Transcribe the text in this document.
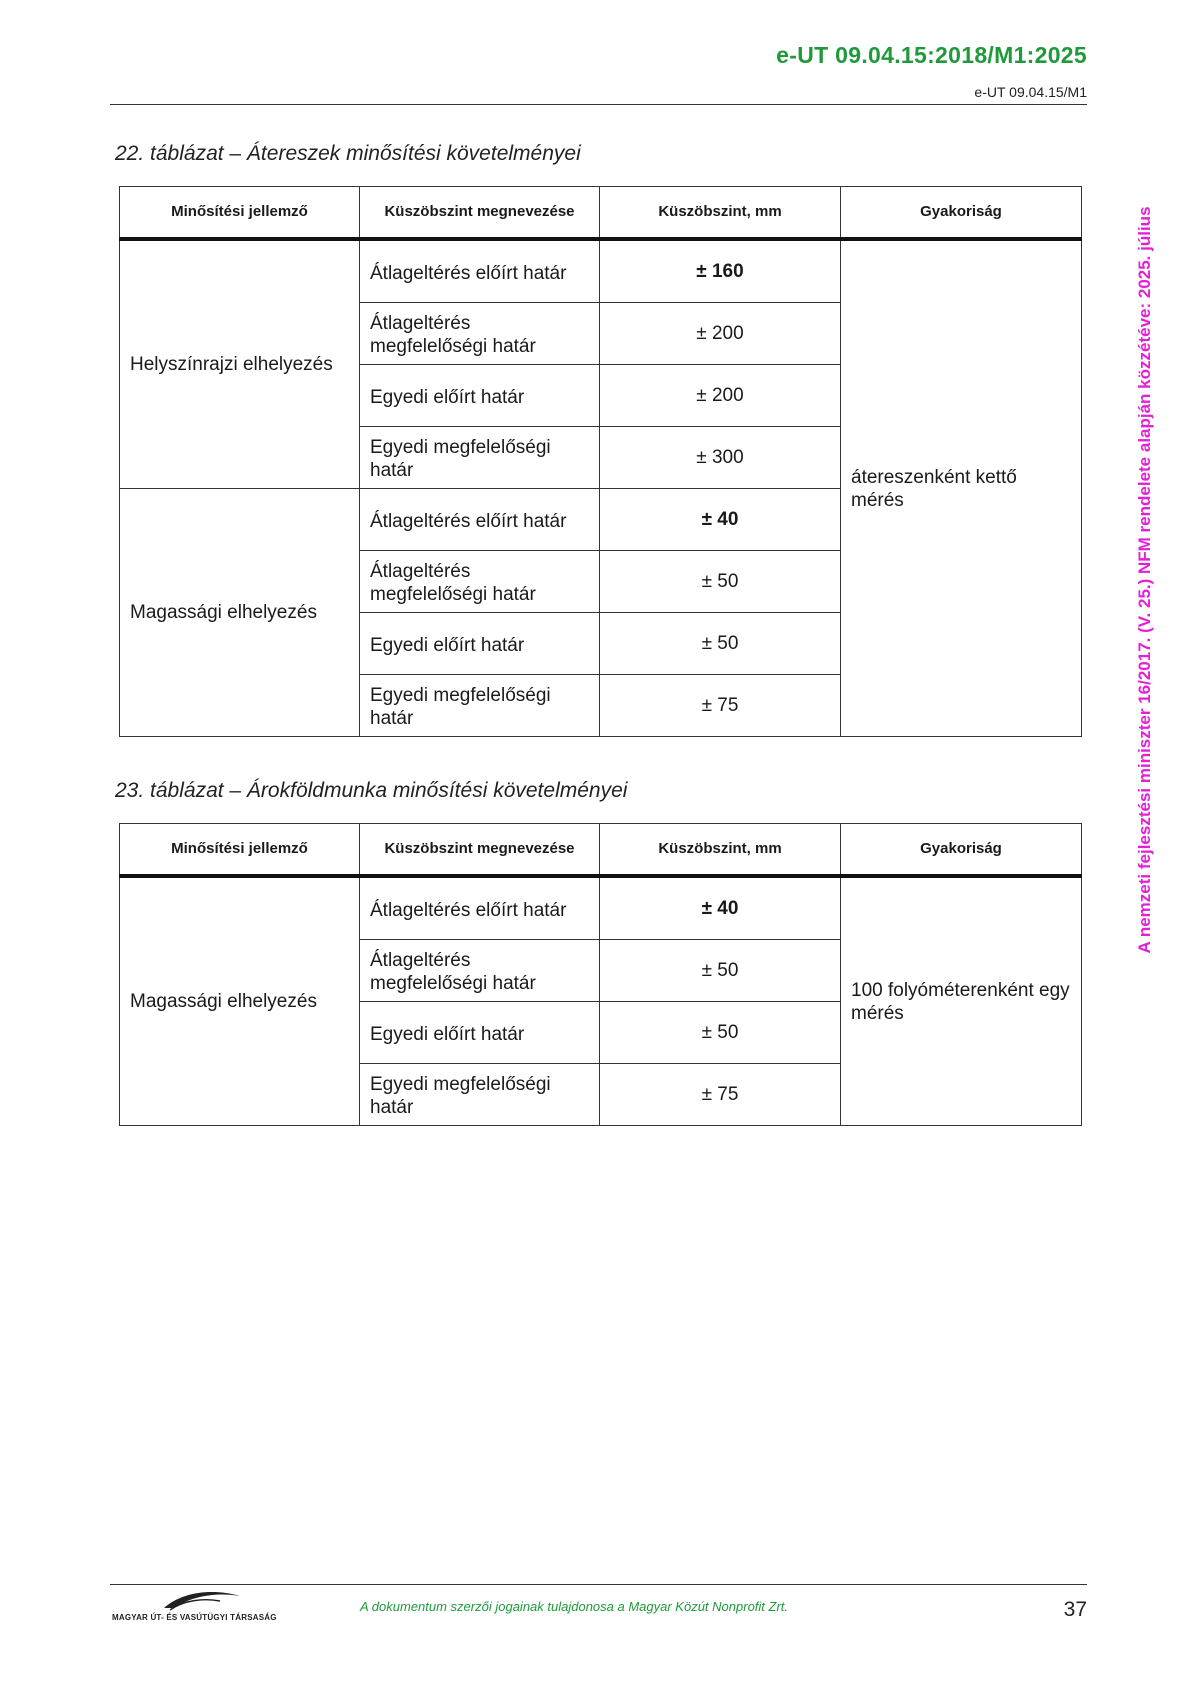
e-UT 09.04.15:2018/M1:2025
e-UT 09.04.15/M1
22. táblázat – Átereszek minősítési követelményei
Minősítési jellemző	Küszöbszint megnevezése	Küszöbszint, mm	Gyakoriság
Helyszínrajzi elhelyezés	Átlageltérés előírt határ	± 160	átereszenként kettő mérés
	Átlageltérés megfelelőségi határ	± 200	
	Egyedi előírt határ	± 200	
	Egyedi megfelelőségi határ	± 300	
Magassági elhelyezés	Átlageltérés előírt határ	± 40	
	Átlageltérés megfelelőségi határ	± 50	
	Egyedi előírt határ	± 50	
	Egyedi megfelelőségi határ	± 75	
23. táblázat – Árokföldmunka minősítési követelményei
Minősítési jellemző	Küszöbszint megnevezése	Küszöbszint, mm	Gyakoriság
Magassági elhelyezés	Átlageltérés előírt határ	± 40	100 folyóméterenként egy mérés
	Átlageltérés megfelelőségi határ	± 50	
	Egyedi előírt határ	± 50	
	Egyedi megfelelőségi határ	± 75	
A nemzeti fejlesztési miniszter 16/2017. (V. 25.) NFM rendelete alapján közzétéve: 2025. július
MAGYAR ÚT- ÉS VASÚTÜGYI TÁRSASÁG
A dokumentum szerzői jogainak tulajdonosa a Magyar Közút Nonprofit Zrt.	37
